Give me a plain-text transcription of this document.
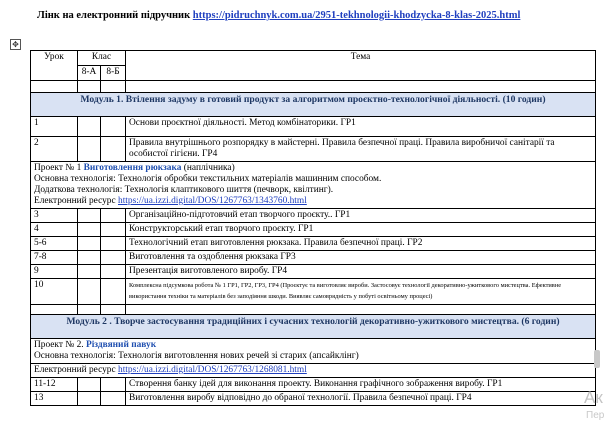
Лінк на електронний підручник https://pidruchnyk.com.ua/2951-tekhnologii-khodzycka-8-klas-2025.html
✥
Урок	Клас		Тема
	8-А	8-Б	

Модуль 1. Втілення задуму в готовий продукт за алгоритмом проєктно-технологічної діяльності. (10 годин)			
1			Основи проєктної діяльності. Метод комбінаторики. ГР1
2			Правила внутрішнього розпорядку в майстерні. Правила безпечної праці. Правила виробничої санітарії та особистої гігієни. ГР4

Проект № 1 Виготовлення рюкзака (наплічника)
Основна технологія: Технологія обробки текстильних матеріалів машинним способом.
Додаткова технологія: Технологія клаптикового шиття (печворк, квілтинг).
Електронний ресурс https://ua.izzi.digital/DOS/1267763/1343760.html			

3			Організаційно-підготовчий етап творчого проєкту.. ГР1
4			Конструкторський етап творчого проєкту. ГР1
5-6			Технологічний етап виготовлення рюкзака. Правила безпечної праці. ГР2
7-8			Виготовлення та оздоблення рюкзака ГР3
9			Презентація виготовленого виробу. ГР4
10			Комплексна підсумкова робота № 1 ГР1, ГР2, ГР3, ГР4 (Проєктує та виготовляє вироби. Застосовує технології декоративно-ужиткового мистецтва. Ефективне використання техніки та матеріалів без заподіяння шкоди. Виявляє самоврядність у побуті освітньому процесі)

Модуль 2 . Творче застосування традиційних і сучасних технологій декоративно-ужиткового мистецтва. (6 годин)			

Проект № 2. Різдвяний павук
Основна технологія: Технологія виготовлення нових речей зі старих (апсайклінг)			

Електронний ресурс https://ua.izzi.digital/DOS/1267763/1268081.html			
11-12			Створення банку ідей для виконання проекту. Виконання графічного зображення виробу. ГР1
13			Виготовлення виробу відповідно до обраної технології. Правила безпечної праці. ГР4	Ак
Пер
